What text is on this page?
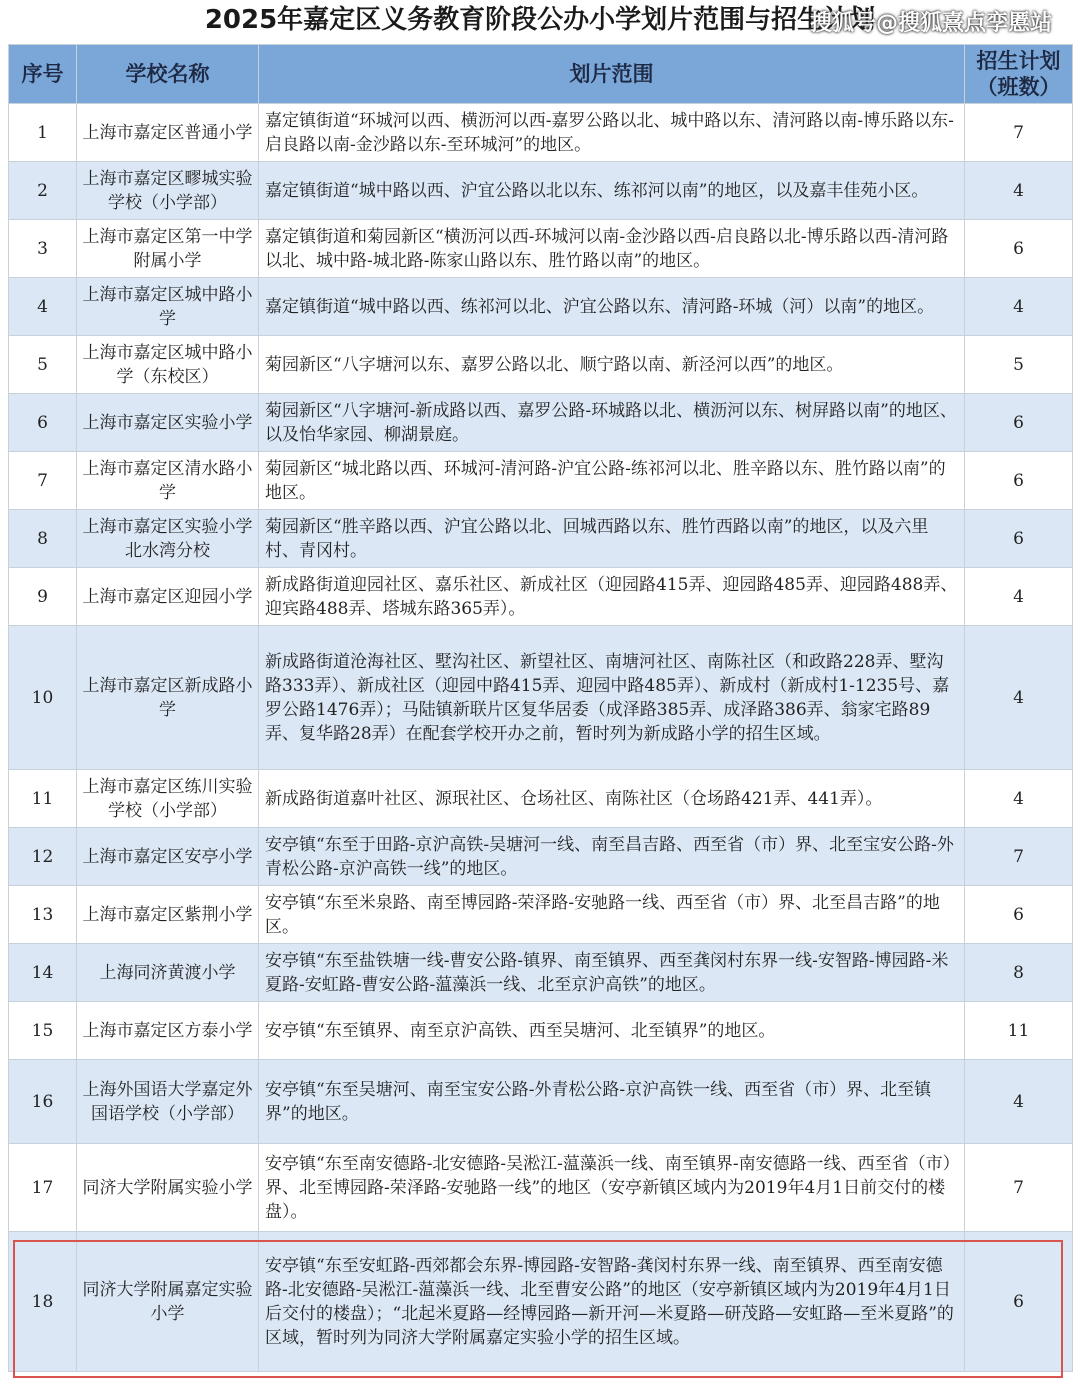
2025年嘉定区义务教育阶段公办小学划片范围与招生计划
搜狐号@搜狐熹点孪慝站
序号	学校名称	划片范围	招生计划（班数）
1	上海市嘉定区普通小学	嘉定镇街道“环城河以西、横沥河以西-嘉罗公路以北、城中路以东、清河路以南-博乐路以东-启良路以南-金沙路以东-至环城河”的地区。	7
2	上海市嘉定区疁城实验学校（小学部）	嘉定镇街道“城中路以西、沪宜公路以北以东、练祁河以南”的地区，以及嘉丰佳苑小区。	4
3	上海市嘉定区第一中学附属小学	嘉定镇街道和菊园新区“横沥河以西-环城河以南-金沙路以西-启良路以北-博乐路以西-清河路以北、城中路-城北路-陈家山路以东、胜竹路以南”的地区。	6
4	上海市嘉定区城中路小学	嘉定镇街道“城中路以西、练祁河以北、沪宜公路以东、清河路-环城（河）以南”的地区。	4
5	上海市嘉定区城中路小学（东校区）	菊园新区“八字塘河以东、嘉罗公路以北、顺宁路以南、新泾河以西”的地区。	5
6	上海市嘉定区实验小学	菊园新区“八字塘河-新成路以西、嘉罗公路-环城路以北、横沥河以东、树屏路以南”的地区、以及怡华家园、柳湖景庭。	6
7	上海市嘉定区清水路小学	菊园新区“城北路以西、环城河-清河路-沪宜公路-练祁河以北、胜辛路以东、胜竹路以南”的地区。	6
8	上海市嘉定区实验小学北水湾分校	菊园新区“胜辛路以西、沪宜公路以北、回城西路以东、胜竹西路以南”的地区，以及六里村、青冈村。	6
9	上海市嘉定区迎园小学	新成路街道迎园社区、嘉乐社区、新成社区（迎园路415弄、迎园路485弄、迎园路488弄、迎宾路488弄、塔城东路365弄）。	4
10	上海市嘉定区新成路小学	新成路街道沧海社区、墅沟社区、新望社区、南塘河社区、南陈社区（和政路228弄、墅沟路333弄）、新成社区（迎园中路415弄、迎园中路485弄）、新成村（新成村1-1235号、嘉罗公路1476弄）；马陆镇新联片区复华居委（成泽路385弄、成泽路386弄、翁家宅路89弄、复华路28弄）在配套学校开办之前，暂时列为新成路小学的招生区域。	4
11	上海市嘉定区练川实验学校（小学部）	新成路街道嘉叶社区、源珉社区、仓场社区、南陈社区（仓场路421弄、441弄）。	4
12	上海市嘉定区安亭小学	安亭镇“东至于田路-京沪高铁-吴塘河一线、南至昌吉路、西至省（市）界、北至宝安公路-外青松公路-京沪高铁一线”的地区。	7
13	上海市嘉定区紫荆小学	安亭镇“东至米泉路、南至博园路-荣泽路-安驰路一线、西至省（市）界、北至昌吉路”的地区。	6
14	上海同济黄渡小学	安亭镇“东至盐铁塘一线-曹安公路-镇界、南至镇界、西至龚闵村东界一线-安智路-博园路-米夏路-安虹路-曹安公路-蕰藻浜一线、北至京沪高铁”的地区。	8
15	上海市嘉定区方泰小学	安亭镇“东至镇界、南至京沪高铁、西至吴塘河、北至镇界”的地区。	11
16	上海外国语大学嘉定外国语学校（小学部）	安亭镇“东至吴塘河、南至宝安公路-外青松公路-京沪高铁一线、西至省（市）界、北至镇界”的地区。	4
17	同济大学附属实验小学	安亭镇“东至南安德路-北安德路-吴淞江-蕰藻浜一线、南至镇界-南安德路一线、西至省（市）界、北至博园路-荣泽路-安驰路一线”的地区（安亭新镇区域内为2019年4月1日前交付的楼盘）。	7
18	同济大学附属嘉定实验小学	安亭镇“东至安虹路-西郊都会东界-博园路-安智路-龚闵村东界一线、南至镇界、西至南安德路-北安德路-吴淞江-蕰藻浜一线、北至曹安公路”的地区（安亭新镇区域内为2019年4月1日后交付的楼盘）；“北起米夏路—经博园路—新开河—米夏路—研茂路—安虹路—至米夏路”的区域，暂时列为同济大学附属嘉定实验小学的招生区域。	6
